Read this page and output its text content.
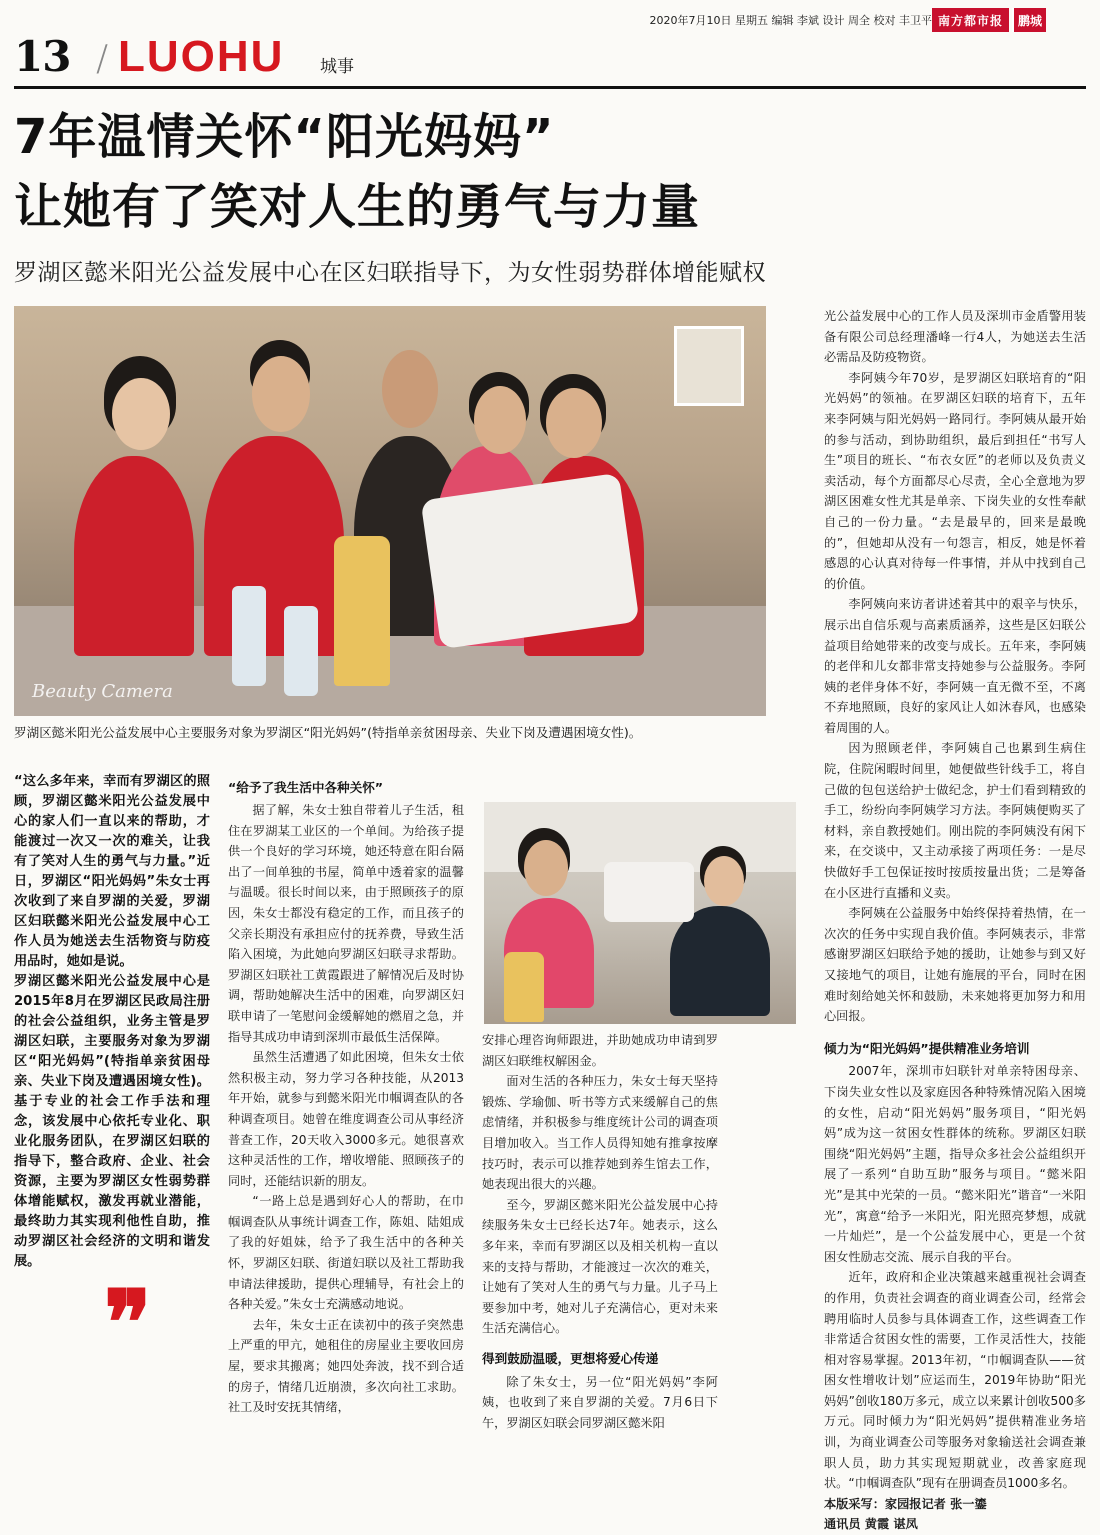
2020年7月10日 星期五 编辑 李斌 设计 周全 校对 丰卫平 南方都市报	鹏城
13 / LUOHU 城事
7年温情关怀“阳光妈妈”
让她有了笑对人生的勇气与力量
罗湖区懿米阳光公益发展中心在区妇联指导下，为女性弱势群体增能赋权
Beauty Camera
罗湖区懿米阳光公益发展中心主要服务对象为罗湖区“阳光妈妈”(特指单亲贫困母亲、失业下岗及遭遇困境女性)。

“这么多年来，幸而有罗湖区的照顾，罗湖区懿米阳光公益发展中心的家人们一直以来的帮助，才能渡过一次又一次的难关，让我有了笑对人生的勇气与力量。”近日，罗湖区“阳光妈妈”朱女士再次收到了来自罗湖的关爱，罗湖区妇联懿米阳光公益发展中心工作人员为她送去生活物资与防疫用品时，她如是说。

罗湖区懿米阳光公益发展中心是2015年8月在罗湖区民政局注册的社会公益组织，业务主管是罗湖区妇联，主要服务对象为罗湖区“阳光妈妈”(特指单亲贫困母亲、失业下岗及遭遇困境女性)。基于专业的社会工作手法和理念，该发展中心依托专业化、职业化服务团队，在罗湖区妇联的指导下，整合政府、企业、社会资源，主要为罗湖区女性弱势群体增能赋权，激发再就业潜能，最终助力其实现利他性自助，推动罗湖区社会经济的文明和谐发展。

❞
“给予了我生活中各种关怀”

据了解，朱女士独自带着儿子生活，租住在罗湖某工业区的一个单间。为给孩子提供一个良好的学习环境，她还特意在阳台隔出了一间单独的书屋，简单中透着家的温馨与温暖。很长时间以来，由于照顾孩子的原因，朱女士都没有稳定的工作，而且孩子的父亲长期没有承担应付的抚养费，导致生活陷入困境，为此她向罗湖区妇联寻求帮助。罗湖区妇联社工黄霞跟进了解情况后及时协调，帮助她解决生活中的困难，向罗湖区妇联申请了一笔慰问金缓解她的燃眉之急，并指导其成功申请到深圳市最低生活保障。

虽然生活遭遇了如此困境，但朱女士依然积极主动，努力学习各种技能，从2013年开始，就参与到懿米阳光巾帼调查队的各种调查项目。她曾在维度调查公司从事经济普查工作，20天收入3000多元。她很喜欢这种灵活性的工作，增收增能、照顾孩子的同时，还能结识新的朋友。

“一路上总是遇到好心人的帮助，在巾帼调查队从事统计调查工作，陈姐、陆姐成了我的好姐妹，给予了我生活中的各种关怀，罗湖区妇联、街道妇联以及社工帮助我申请法律援助，提供心理辅导，有社会上的各种关爱。”朱女士充满感动地说。

去年，朱女士正在读初中的孩子突然患上严重的甲亢，她租住的房屋业主要收回房屋，要求其搬离；她四处奔波，找不到合适的房子，情绪几近崩溃，多次向社工求助。社工及时安抚其情绪，

安排心理咨询师跟进，并助她成功申请到罗湖区妇联维权解困金。

面对生活的各种压力，朱女士每天坚持锻炼、学瑜伽、听书等方式来缓解自己的焦虑情绪，并积极参与维度统计公司的调查项目增加收入。当工作人员得知她有推拿按摩技巧时，表示可以推荐她到养生馆去工作，她表现出很大的兴趣。

至今，罗湖区懿米阳光公益发展中心持续服务朱女士已经长达7年。她表示，这么多年来，幸而有罗湖区以及相关机构一直以来的支持与帮助，才能渡过一次次的难关，让她有了笑对人生的勇气与力量。儿子马上要参加中考，她对儿子充满信心，更对未来生活充满信心。

得到鼓励温暖，更想将爱心传递

除了朱女士，另一位“阳光妈妈”李阿姨，也收到了来自罗湖的关爱。7月6日下午，罗湖区妇联会同罗湖区懿米阳

光公益发展中心的工作人员及深圳市金盾警用装备有限公司总经理潘峰一行4人，为她送去生活必需品及防疫物资。

李阿姨今年70岁，是罗湖区妇联培育的“阳光妈妈”的领袖。在罗湖区妇联的培育下，五年来李阿姨与阳光妈妈一路同行。李阿姨从最开始的参与活动，到协助组织，最后到担任“书写人生”项目的班长、“布衣女匠”的老师以及负责义卖活动，每个方面都尽心尽责，全心全意地为罗湖区困难女性尤其是单亲、下岗失业的女性奉献自己的一份力量。“去是最早的，回来是最晚的”，但她却从没有一句怨言，相反，她是怀着感恩的心认真对待每一件事情，并从中找到自己的价值。

李阿姨向来访者讲述着其中的艰辛与快乐，展示出自信乐观与高素质涵养，这些是区妇联公益项目给她带来的改变与成长。五年来，李阿姨的老伴和儿女都非常支持她参与公益服务。李阿姨的老伴身体不好，李阿姨一直无微不至，不离不弃地照顾，良好的家风让人如沐春风，也感染着周围的人。

因为照顾老伴，李阿姨自己也累到生病住院，住院闲暇时间里，她便做些针线手工，将自己做的包包送给护士做纪念，护士们看到精致的手工，纷纷向李阿姨学习方法。李阿姨便购买了材料，亲自教授她们。刚出院的李阿姨没有闲下来，在交谈中，又主动承接了两项任务：一是尽快做好手工包保证按时按质按量出货；二是筹备在小区进行直播和义卖。

李阿姨在公益服务中始终保持着热情，在一次次的任务中实现自我价值。李阿姨表示，非常感谢罗湖区妇联给予她的援助，让她参与到又好又接地气的项目，让她有施展的平台，同时在困难时刻给她关怀和鼓励，未来她将更加努力和用心回报。

倾力为“阳光妈妈”提供精准业务培训

2007年，深圳市妇联针对单亲特困母亲、下岗失业女性以及家庭因各种特殊情况陷入困境的女性，启动“阳光妈妈”服务项目，“阳光妈妈”成为这一贫困女性群体的统称。罗湖区妇联围绕“阳光妈妈”主题，指导众多社会公益组织开展了一系列“自助互助”服务与项目。“懿米阳光”是其中光荣的一员。“懿米阳光”谐音“一米阳光”，寓意“给予一米阳光，阳光照亮梦想，成就一片灿烂”，是一个公益发展中心，更是一个贫困女性励志交流、展示自我的平台。

近年，政府和企业决策越来越重视社会调查的作用，负责社会调查的商业调查公司，经常会聘用临时人员参与具体调查工作，这些调查工作非常适合贫困女性的需要，工作灵活性大，技能相对容易掌握。2013年初，“巾帼调查队——贫困女性增收计划”应运而生，2019年协助“阳光妈妈”创收180万多元，成立以来累计创收500多万元。同时倾力为“阳光妈妈”提供精准业务培训，为商业调查公司等服务对象输送社会调查兼职人员，助力其实现短期就业，改善家庭现状。“巾帼调查队”现有在册调查员1000多名。

本版采写：家园报记者 张一鎏

通讯员 黄霞 谌凤
